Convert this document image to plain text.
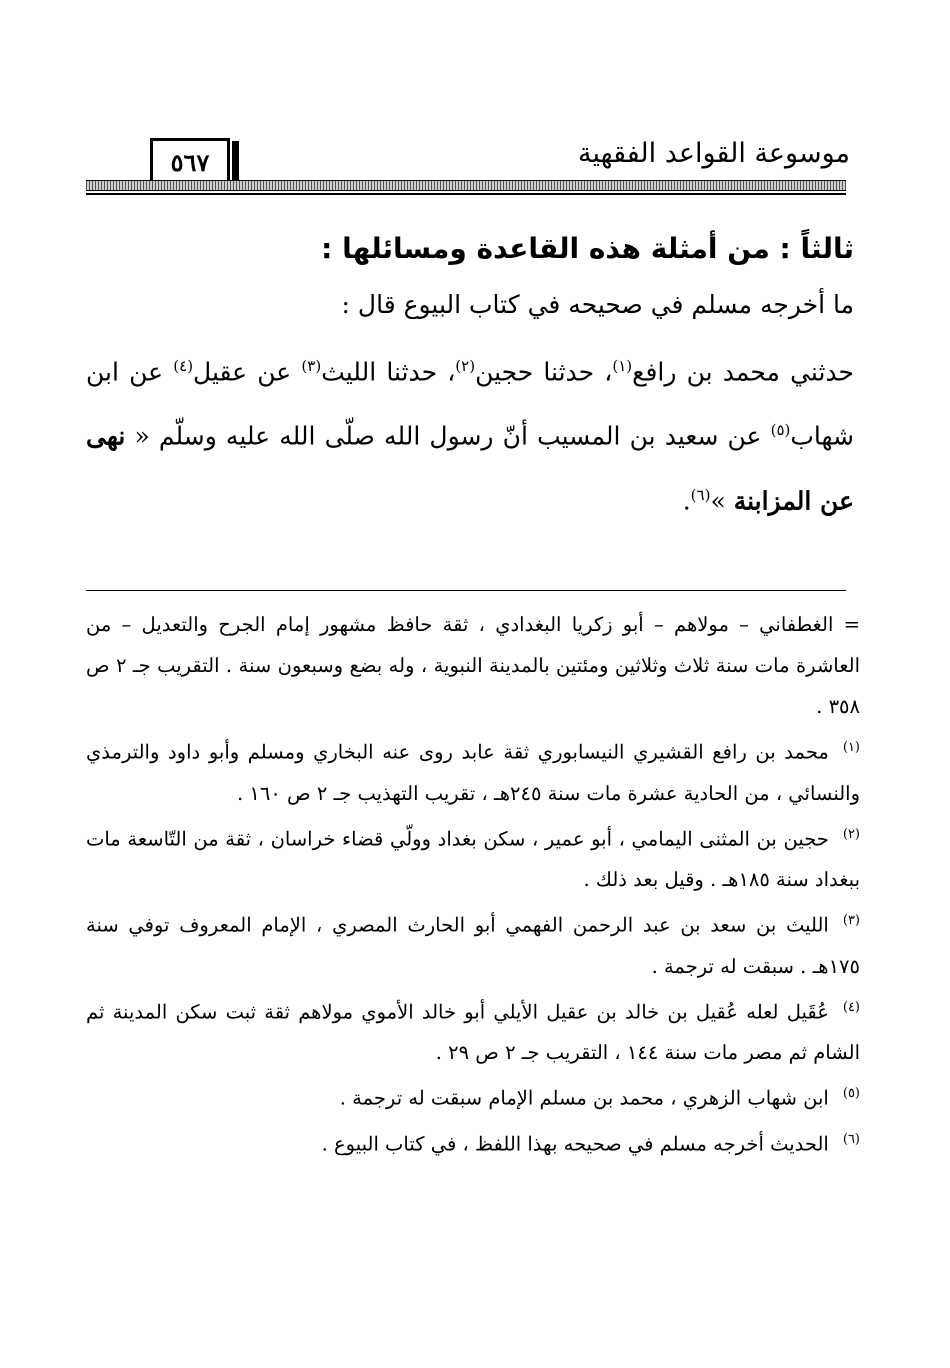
٥٦٧	موسوعة القواعد الفقهية
ثالثاً : من أمثلة هذه القاعدة ومسائلها :
ما أخرجه مسلم في صحيحه في كتاب البيوع قال :
حدثني محمد بن رافع$^{(١)}$، حدثنا حجين$^{(٢)}$، حدثنا الليث$^{(٣)}$ عن عقيل$^{(٤)}$ عن ابن شهاب$^{(٥)}$ عن سعيد بن المسيب أنّ رسول الله صلّى الله عليه وسلّم « نهى عن المزابنة »$^{(٦)}$.

= الغطفاني – مولاهم – أبو زكريا البغدادي ، ثقة حافظ مشهور إمام الجرح والتعديل – من العاشرة مات سنة ثلاث وثلاثين ومئتين بالمدينة النبوية ، وله بضع وسبعون سنة . التقريب جـ ٢ ص ٣٥٨ .

$^{(١)}$محمد بن رافع القشيري النيسابوري ثقة عابد روى عنه البخاري ومسلم وأبو داود والترمذي والنسائي ، من الحادية عشرة مات سنة ٢٤٥هـ ، تقريب التهذيب جـ ٢ ص ١٦٠ .

$^{(٢)}$حجين بن المثنى اليمامي ، أبو عمير ، سكن بغداد وولّي قضاء خراسان ، ثقة من التّاسعة مات ببغداد سنة ١٨٥هـ . وقيل بعد ذلك .

$^{(٣)}$الليث بن سعد بن عبد الرحمن الفهمي أبو الحارث المصري ، الإمام المعروف توفي سنة ١٧٥هـ . سبقت له ترجمة .

$^{(٤)}$عُقَيل لعله عُقيل بن خالد بن عقيل الأيلي أبو خالد الأموي مولاهم ثقة ثبت سكن المدينة ثم الشام ثم مصر مات سنة ١٤٤ ، التقريب جـ ٢ ص ٢٩ .

$^{(٥)}$ابن شهاب الزهري ، محمد بن مسلم الإمام سبقت له ترجمة .

$^{(٦)}$الحديث أخرجه مسلم في صحيحه بهذا اللفظ ، في كتاب البيوع .
